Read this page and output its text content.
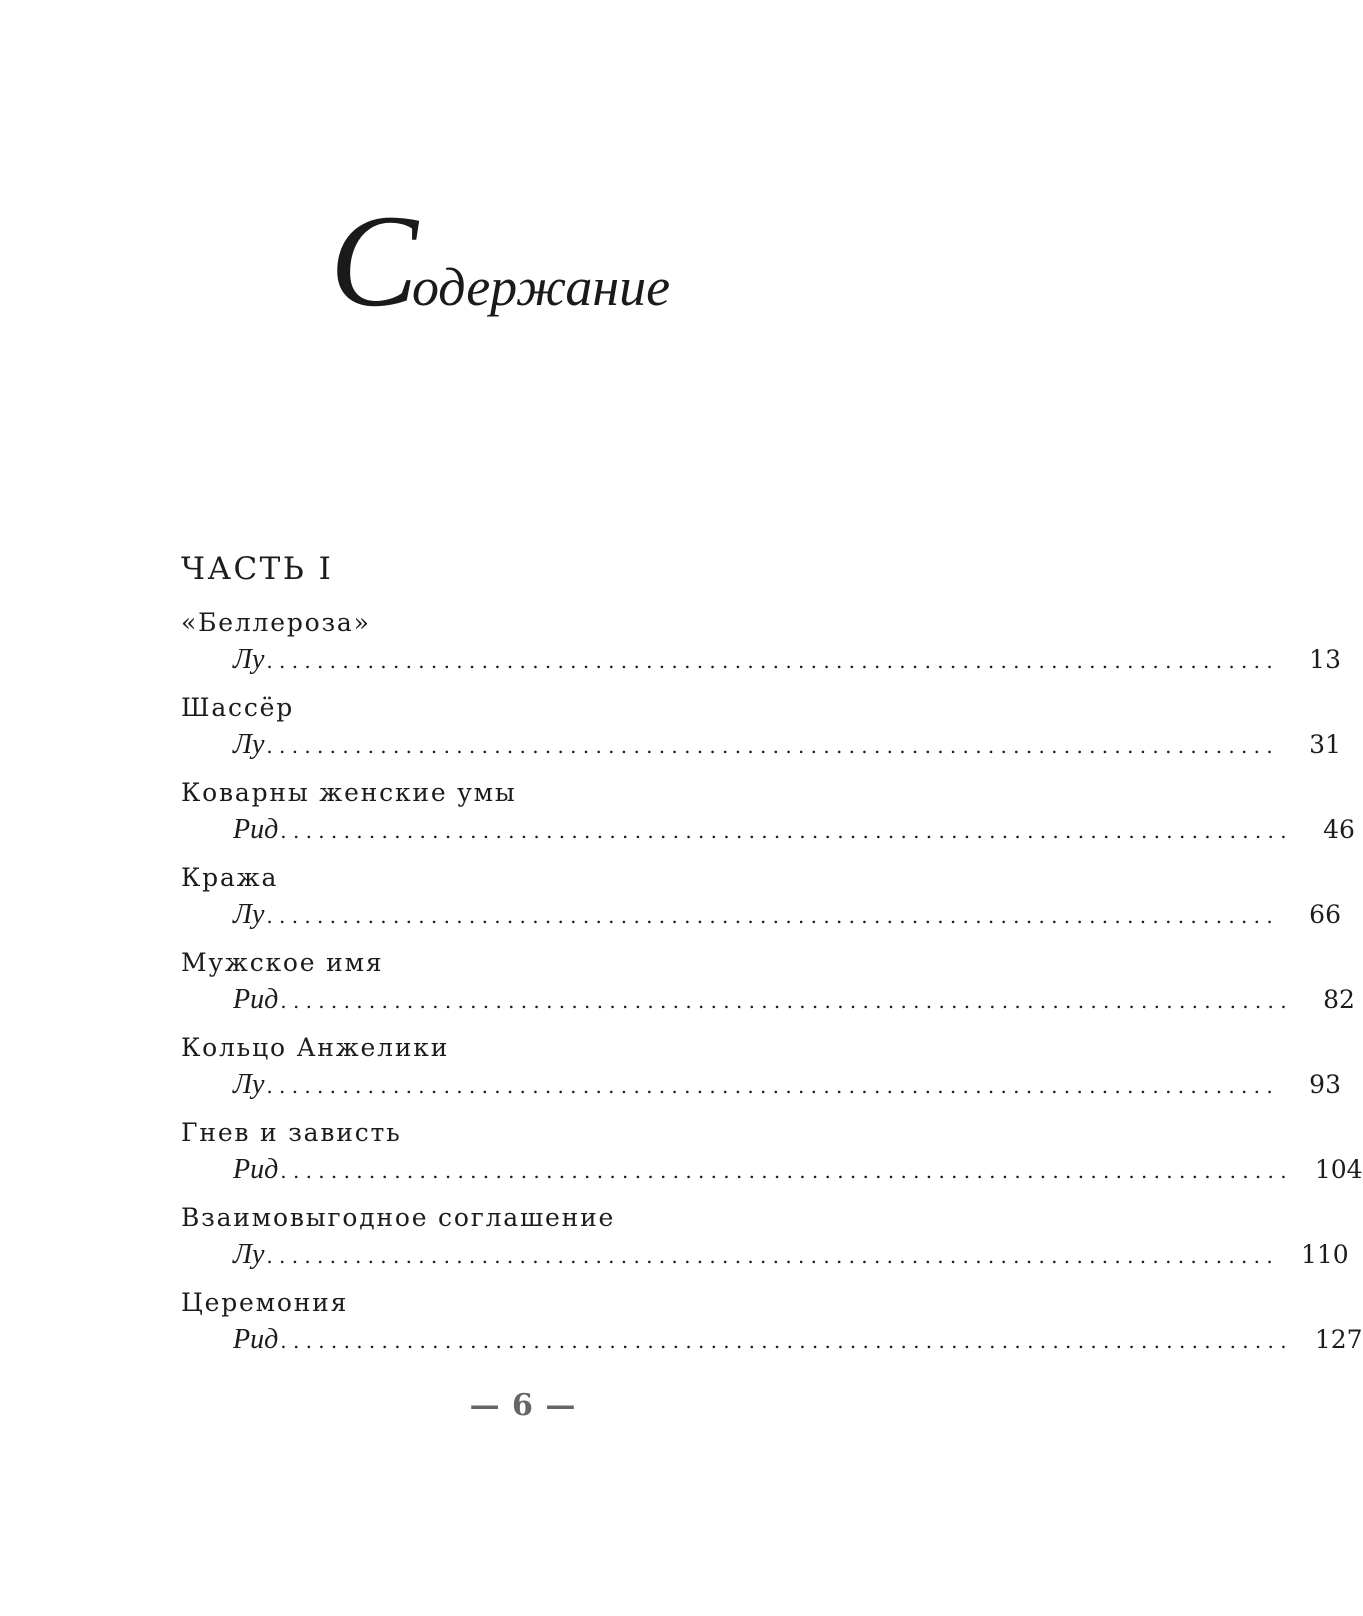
Содержание
ЧАСТЬ I
«Беллероза»
Лу ................................................................................	13
Шассёр
Лу ................................................................................	31
Коварны женские умы
Рид ................................................................................	46
Кража
Лу ................................................................................	66
Мужское имя
Рид ................................................................................	82
Кольцо Анжелики
Лу ................................................................................	93
Гнев и зависть
Рид ................................................................................ 104
Взаимовыгодное соглашение
Лу ................................................................................ 110
Церемония
Рид ................................................................................ 127
— 6 —
